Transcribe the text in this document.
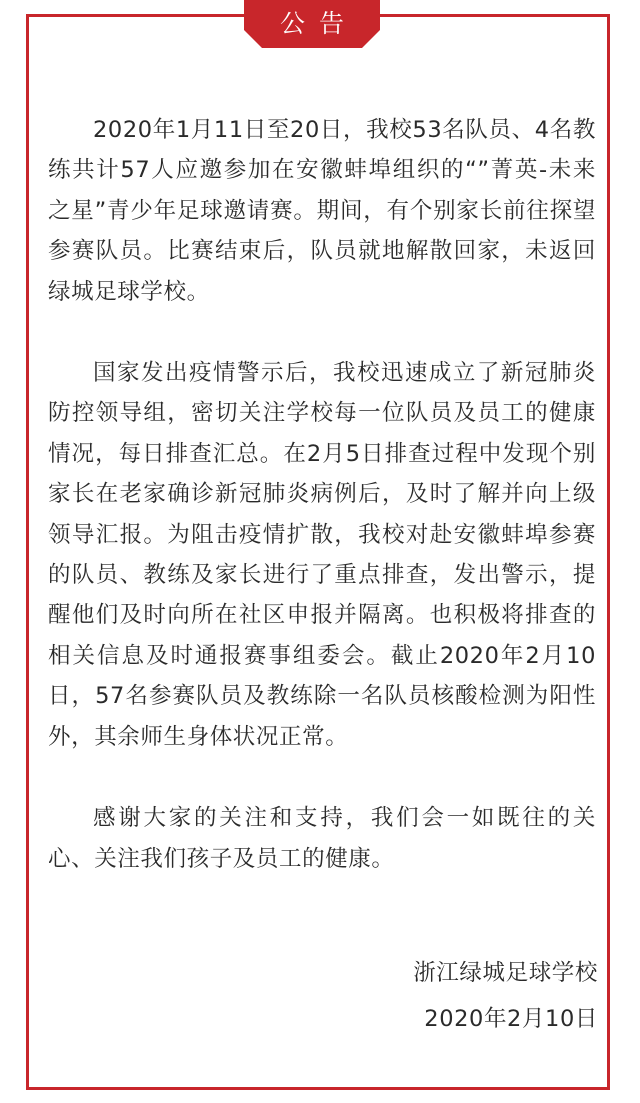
公告

2020年1月11日至20日，我校53名队员、4名教练共计57人应邀参加在安徽蚌埠组织的“”菁英-未来之星”青少年足球邀请赛。期间，有个别家长前往探望参赛队员。比赛结束后，队员就地解散回家，未返回绿城足球学校。

国家发出疫情警示后，我校迅速成立了新冠肺炎防控领导组，密切关注学校每一位队员及员工的健康情况，每日排查汇总。在2月5日排查过程中发现个别家长在老家确诊新冠肺炎病例后，及时了解并向上级领导汇报。为阻击疫情扩散，我校对赴安徽蚌埠参赛的队员、教练及家长进行了重点排查，发出警示，提醒他们及时向所在社区申报并隔离。也积极将排查的相关信息及时通报赛事组委会。截止2020年2月10日，57名参赛队员及教练除一名队员核酸检测为阳性外，其余师生身体状况正常。

感谢大家的关注和支持，我们会一如既往的关心、关注我们孩子及员工的健康。

浙江绿城足球学校
2020年2月10日
